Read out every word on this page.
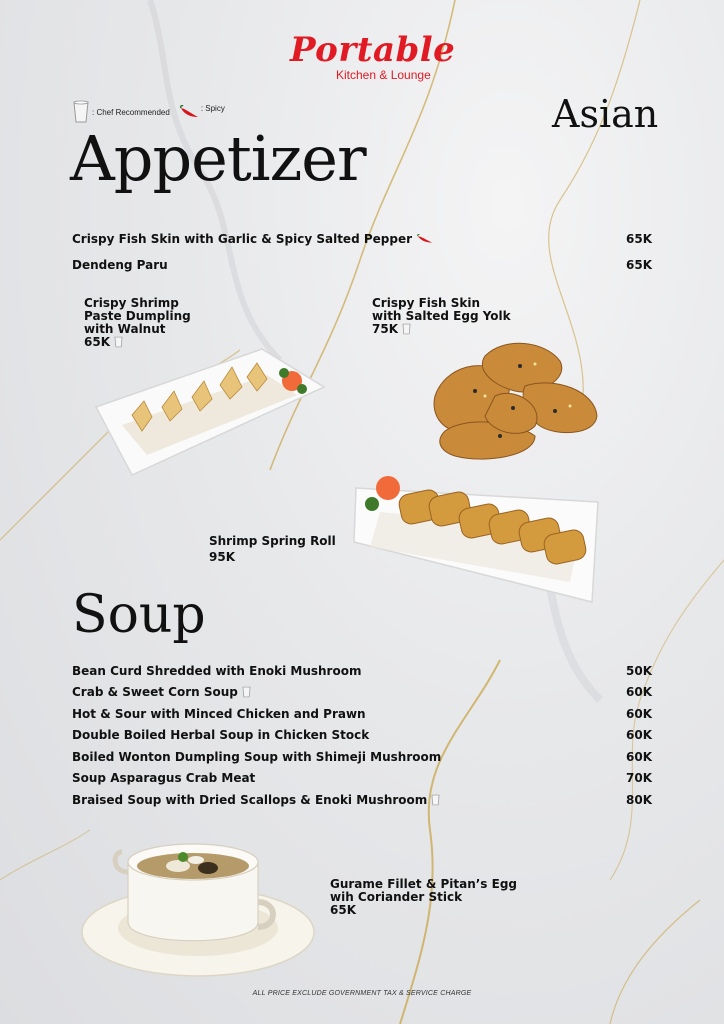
Portable
Kitchen & Lounge
: Chef Recommended	: Spicy	Asian
Appetizer
Crispy Fish Skin with Garlic & Spicy Salted Pepper	65K
Dendeng Paru	65K
Crispy Shrimp
Paste Dumpling
with Walnut
65K
Crispy Fish Skin
with Salted Egg Yolk
75K
Shrimp Spring Roll
95K
Soup
Bean Curd Shredded with Enoki Mushroom	50K
Crab & Sweet Corn Soup	60K
Hot & Sour with Minced Chicken and Prawn	60K
Double Boiled Herbal Soup in Chicken Stock	60K
Boiled Wonton Dumpling Soup with Shimeji Mushroom	60K
Soup Asparagus Crab Meat	70K
Braised Soup with Dried Scallops & Enoki Mushroom	80K
Gurame Fillet & Pitan’s Egg
wih Coriander Stick
65K
ALL PRICE EXCLUDE GOVERNMENT TAX & SERVICE CHARGE
